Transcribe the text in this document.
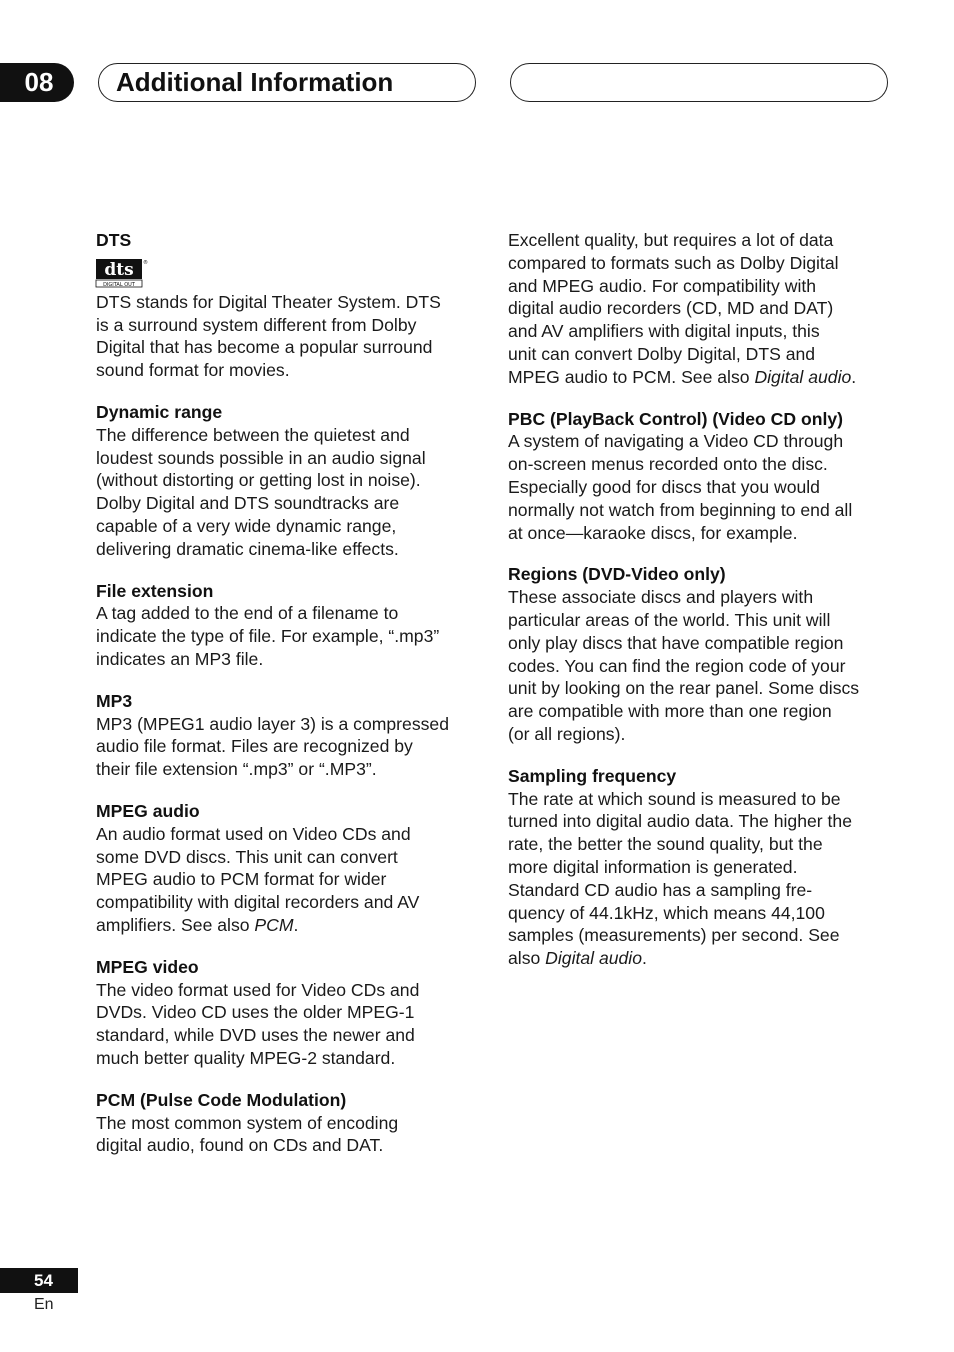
08	Additional Information
DTS
dts
DIGITAL OUT
®
DTS stands for Digital Theater System. DTS
is a surround system different from Dolby
Digital that has become a popular surround
sound format for movies.
Dynamic range
The difference between the quietest and
loudest sounds possible in an audio signal
(without distorting or getting lost in noise).
Dolby Digital and DTS soundtracks are
capable of a very wide dynamic range,
delivering dramatic cinema-like effects.
File extension
A tag added to the end of a filename to
indicate the type of file. For example, “.mp3”
indicates an MP3 file.
MP3
MP3 (MPEG1 audio layer 3) is a compressed
audio file format. Files are recognized by
their file extension “.mp3” or “.MP3”.
MPEG audio
An audio format used on Video CDs and
some DVD discs. This unit can convert
MPEG audio to PCM format for wider
compatibility with digital recorders and AV
amplifiers. See also PCM.
MPEG video
The video format used for Video CDs and
DVDs. Video CD uses the older MPEG-1
standard, while DVD uses the newer and
much better quality MPEG-2 standard.
PCM (Pulse Code Modulation)
The most common system of encoding
digital audio, found on CDs and DAT.
Excellent quality, but requires a lot of data
compared to formats such as Dolby Digital
and MPEG audio. For compatibility with
digital audio recorders (CD, MD and DAT)
and AV amplifiers with digital inputs, this
unit can convert Dolby Digital, DTS and
MPEG audio to PCM. See also Digital audio.
PBC (PlayBack Control) (Video CD only)
A system of navigating a Video CD through
on-screen menus recorded onto the disc.
Especially good for discs that you would
normally not watch from beginning to end all
at once—karaoke discs, for example.
Regions (DVD-Video only)
These associate discs and players with
particular areas of the world. This unit will
only play discs that have compatible region
codes. You can find the region code of your
unit by looking on the rear panel. Some discs
are compatible with more than one region
(or all regions).
Sampling frequency
The rate at which sound is measured to be
turned into digital audio data. The higher the
rate, the better the sound quality, but the
more digital information is generated.
Standard CD audio has a sampling fre-
quency of 44.1kHz, which means 44,100
samples (measurements) per second. See
also Digital audio.
54
En
